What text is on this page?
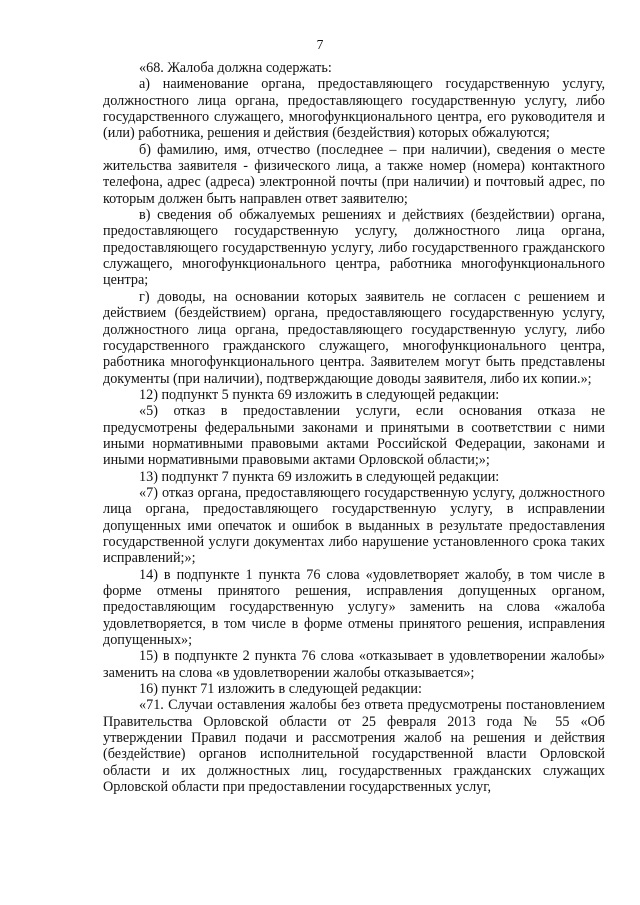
7

«68. Жалоба должна содержать:

а) наименование органа, предоставляющего государственную услугу, должностного лица органа, предоставляющего государственную услугу, либо государственного служащего, многофункционального центра, его руководителя и (или) работника, решения и действия (бездействия) которых обжалуются;

б) фамилию, имя, отчество (последнее – при наличии), сведения о месте жительства заявителя - физического лица, а также номер (номера) контактного телефона, адрес (адреса) электронной почты (при наличии) и почтовый адрес, по которым должен быть направлен ответ заявителю;

в) сведения об обжалуемых решениях и действиях (бездействии) органа, предоставляющего государственную услугу, должностного лица органа, предоставляющего государственную услугу, либо государственного гражданского служащего, многофункционального центра, работника многофункционального центра;

г) доводы, на основании которых заявитель не согласен с решением и действием (бездействием) органа, предоставляющего государственную услугу, должностного лица органа, предоставляющего государственную услугу, либо государственного гражданского служащего, многофункционального центра, работника многофункционального центра. Заявителем могут быть представлены документы (при наличии), подтверждающие доводы заявителя, либо их копии.»;

12) подпункт 5 пункта 69 изложить в следующей редакции:

«5) отказ в предоставлении услуги, если основания отказа не предусмотрены федеральными законами и принятыми в соответствии с ними иными нормативными правовыми актами Российской Федерации, законами и иными нормативными правовыми актами Орловской области;»;

13) подпункт 7 пункта 69 изложить в следующей редакции:

«7) отказ органа, предоставляющего государственную услугу, должностного лица органа, предоставляющего государственную услугу, в исправлении допущенных ими опечаток и ошибок в выданных в результате предоставления государственной услуги документах либо нарушение установленного срока таких исправлений;»;

14) в подпункте 1 пункта 76 слова «удовлетворяет жалобу, в том числе в форме отмены принятого решения, исправления допущенных органом, предоставляющим государственную услугу» заменить на слова «жалоба удовлетворяется, в том числе в форме отмены принятого решения, исправления допущенных»;

15) в подпункте 2 пункта 76 слова «отказывает в удовлетворении жалобы» заменить на слова «в удовлетворении жалобы отказывается»;

16) пункт 71 изложить в следующей редакции:

«71. Случаи оставления жалобы без ответа предусмотрены постановлением Правительства Орловской области от 25 февраля 2013 года № 55 «Об утверждении Правил подачи и рассмотрения жалоб на решения и действия (бездействие) органов исполнительной государственной власти Орловской области и их должностных лиц, государственных гражданских служащих Орловской области при предоставлении государственных услуг,
